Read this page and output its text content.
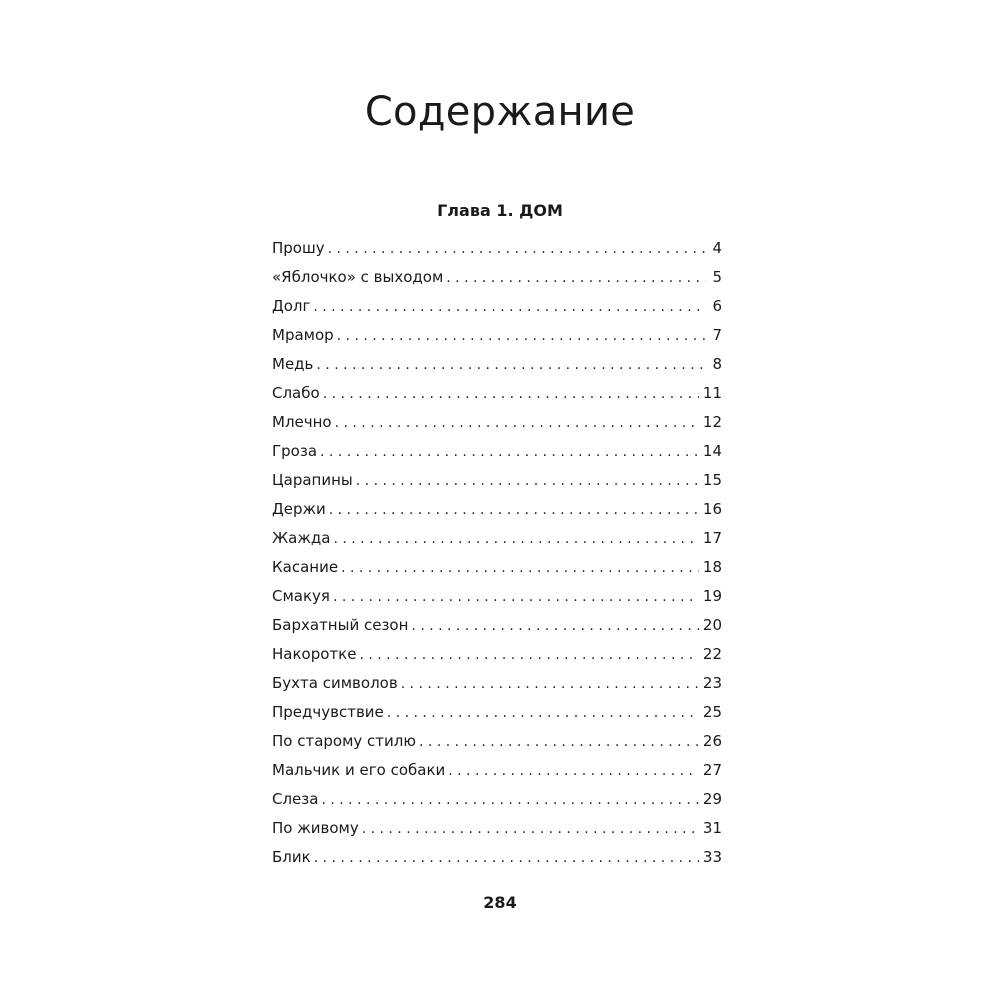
Содержание
Глава 1. ДОМ
Прошу . . .	4
«Яблочко» с выходом . . .	5
Долг . . .	6
Мрамор . . .	7
Медь . . .	8
Слабо . . .	11
Млечно . . .	12
Гроза . . .	14
Царапины . . .	15
Держи . . .	16
Жажда . . .	17
Касание . . .	18
Смакуя . . .	19
Бархатный сезон . . .	20
Накоротке . . .	22
Бухта символов . . .	23
Предчувствие . . .	25
По старому стилю . . .	26
Мальчик и его собаки . . .	27
Слеза . . .	29
По живому . . .	31
Блик . . .	33
284
